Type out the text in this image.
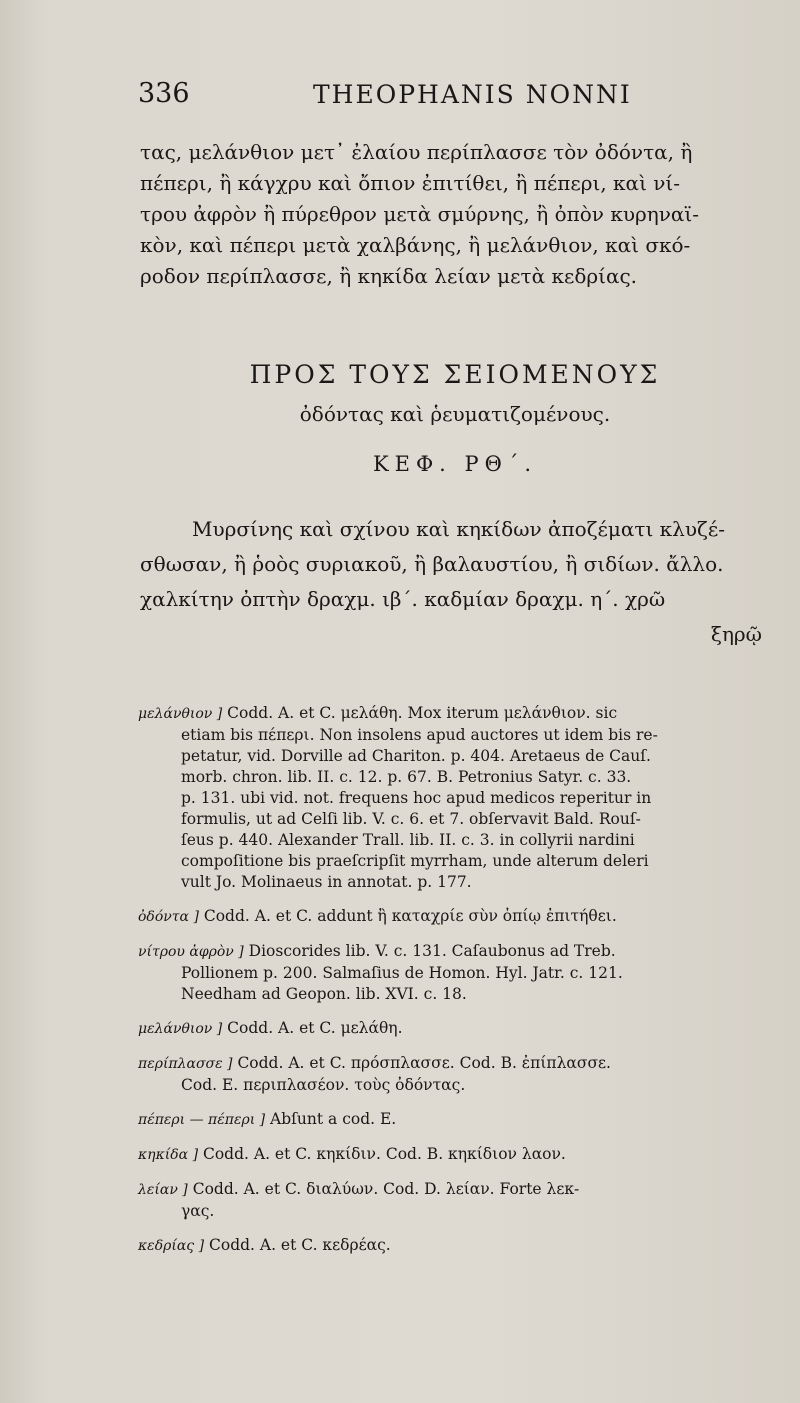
336	THEOPHANIS NONNI
τας, μελάνθιον μετ᾽ ἐλαίου περίπλασσε τὸν ὀδόντα, ἢ
πέπερι, ἢ κάγχρυ καὶ ὄπιον ἐπιτίθει, ἢ πέπερι, καὶ νί-
τρου ἀφρὸν ἢ πύρεθρον μετὰ σμύρνης, ἢ ὀπὸν κυρηναϊ-
κὸν, καὶ πέπερι μετὰ χαλβάνης, ἢ μελάνθιον, καὶ σκό-
ροδον περίπλασσε, ἢ κηκίδα λείαν μετὰ κεδρίας.
ΠΡΟΣ ΤΟΥΣ ΣΕΙΟΜΕΝΟΥΣ
ὀδόντας καὶ ῥευματιζομένους.
ΚΕΦ. ΡΘ΄.
Μυρσίνης καὶ σχίνου καὶ κηκίδων ἀποζέματι κλυζέ-
σθωσαν, ἢ ῥοὸς συριακοῦ, ἢ βαλαυστίου, ἢ σιδίων. ἄλλο.
χαλκίτην ὀπτὴν δραχμ. ιβ΄. καδμίαν δραχμ. η΄. χρῶ
ξηρῷ
μελάνθιον ] Codd. A. et C. μελάθη. Mox iterum μελάνθιον. sic
etiam bis πέπερι. Non insolens apud auctores ut idem bis re-
petatur, vid. Dorville ad Chariton. p. 404. Aretaeus de Cauſ.
morb. chron. lib. II. c. 12. p. 67. B. Petronius Satyr. c. 33.
p. 131. ubi vid. not. frequens hoc apud medicos reperitur in
formulis, ut ad Celſi lib. V. c. 6. et 7. obſervavit Bald. Rouſ-
ſeus p. 440. Alexander Trall. lib. II. c. 3. in collyrii nardini
compoſitione bis praeſcripſit myrrham, unde alterum deleri
vult Jo. Molinaeus in annotat. p. 177.
ὀδόντα ] Codd. A. et C. addunt ἢ καταχρίε σὺν ὀπίῳ ἐπιτήθει.
νίτρου ἀφρὸν ] Dioscorides lib. V. c. 131. Caſaubonus ad Treb.
Pollionem p. 200. Salmaſius de Homon. Hyl. Jatr. c. 121.
Needham ad Geopon. lib. XVI. c. 18.
μελάνθιον ] Codd. A. et C. μελάθη.
περίπλασσε ] Codd. A. et C. πρόσπλασσε. Cod. B. ἐπίπλασσε.
Cod. E. περιπλασέον. τοὺς ὀδόντας.
πέπερι — πέπερι ] Abſunt a cod. E.
κηκίδα ] Codd. A. et C. κηκίδιν. Cod. B. κηκίδιον λαον.
λείαν ] Codd. A. et C. διαλύων. Cod. D. λείαν. Forte λεκ-
γας.
κεδρίας ] Codd. A. et C. κεδρέας.
